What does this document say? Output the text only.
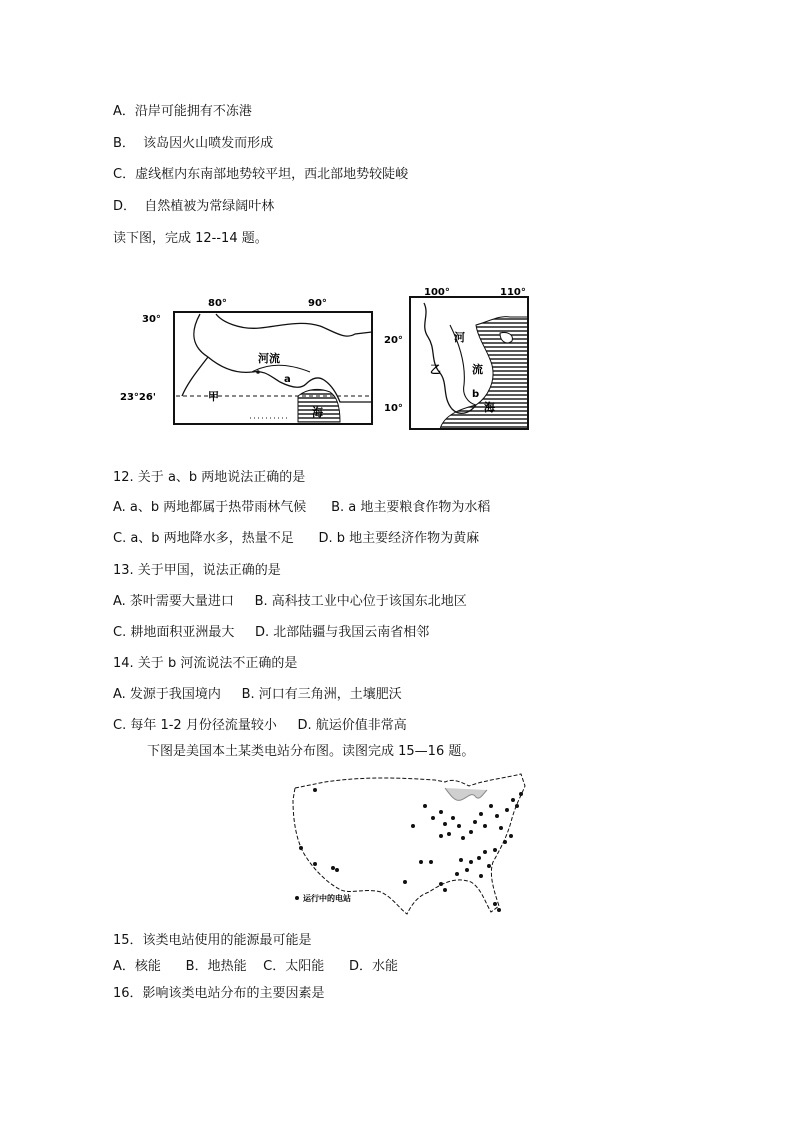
A．沿岸可能拥有不冻港
B．  该岛因火山喷发而形成
C．虚线框内东南部地势较平坦，西北部地势较陡峻
D．  自然植被为常绿阔叶林
读下图，完成 12--14 题。
80°	90°
30°
23°26'
河流
a
甲
海
100°	110°
20°
10°
河
流
乙
b
海
12. 关于 a、b 两地说法正确的是
A. a、b 两地都属于热带雨林气候      B. a 地主要粮食作物为水稻
C. a、b 两地降水多，热量不足      D. b 地主要经济作物为黄麻
13. 关于甲国，说法正确的是
A. 茶叶需要大量进口     B. 高科技工业中心位于该国东北地区
C. 耕地面积亚洲最大     D. 北部陆疆与我国云南省相邻
14. 关于 b 河流说法不正确的是
A. 发源于我国境内     B. 河口有三角洲，土壤肥沃
C. 每年 1-2 月份径流量较小     D. 航运价值非常高
下图是美国本土某类电站分布图。读图完成 15—16 题。
运行中的电站
15．该类电站使用的能源最可能是
A．核能      B．地热能    C．太阳能      D．水能
16．影响该类电站分布的主要因素是
